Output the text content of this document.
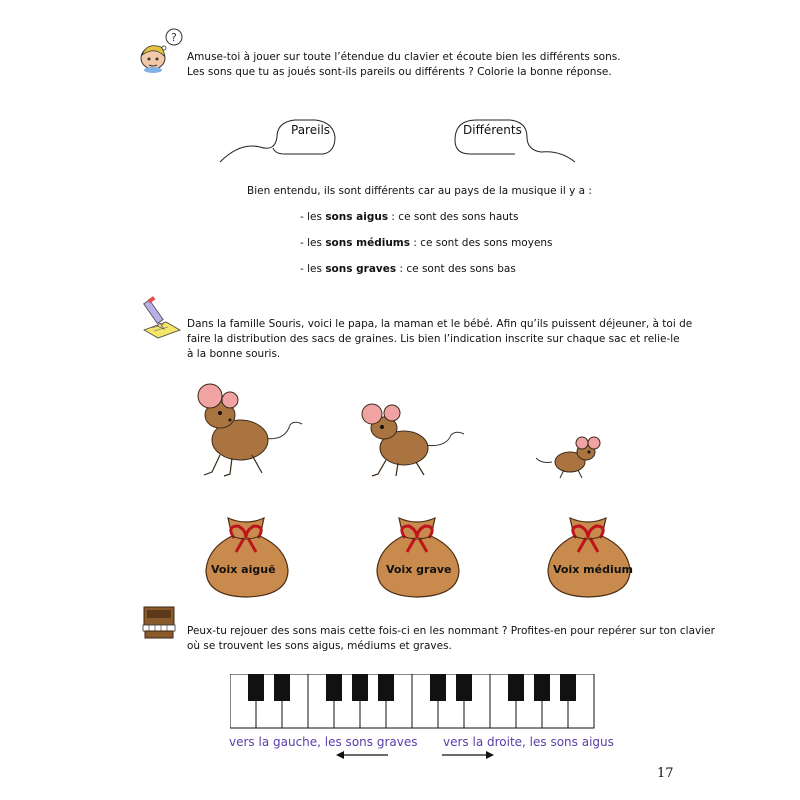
?
Amuse-toi à jouer sur toute l’étendue du clavier et écoute bien les différents sons.
Les sons que tu as joués sont-ils pareils ou différents ? Colorie la bonne réponse.
Pareils	Différents
Bien entendu, ils sont différents car au pays de la musique il y a :
- les sons aigus : ce sont des sons hauts
- les sons médiums : ce sont des sons moyens
- les sons graves : ce sont des sons bas
Dans la famille Souris, voici le papa, la maman et le bébé. Afin qu’ils puissent déjeuner, à toi de
faire la distribution des sacs de graines. Lis bien l’indication inscrite sur chaque sac et relie-le
à la bonne souris.
Voix aiguë	Voix grave	Voix médium
Peux-tu rejouer des sons mais cette fois-ci en les nommant ? Profites-en pour repérer sur ton clavier
où se trouvent les sons aigus, médiums et graves.
vers la gauche, les sons graves vers la droite, les sons aigus
17
